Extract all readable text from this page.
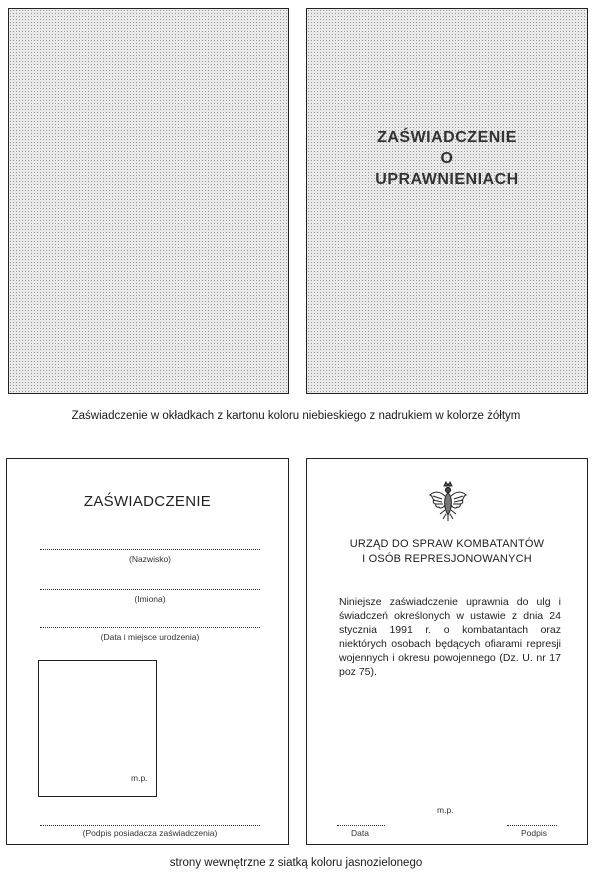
ZAŚWIADCZENIE
O
UPRAWNIENIACH
Zaświadczenie w okładkach z kartonu koloru niebieskiego z nadrukiem w kolorze żółtym
ZAŚWIADCZENIE
(Nazwisko)
(Imiona)
(Data i miejsce urodzenia)
m.p.
(Podpis posiadacza zaświadczenia)
URZĄD DO SPRAW KOMBATANTÓW
I OSÓB REPRESJONOWANYCH
Niniejsze zaświadczenie uprawnia do ulg i świadczeń określonych w ustawie z dnia 24 stycznia 1991 r. o kombatantach oraz niektórych osobach będących ofiarami represji wojennych i okresu powojennego (Dz. U. nr 17 poz 75).
m.p.
Data	Podpis
strony wewnętrzne z siatką koloru jasnozielonego
